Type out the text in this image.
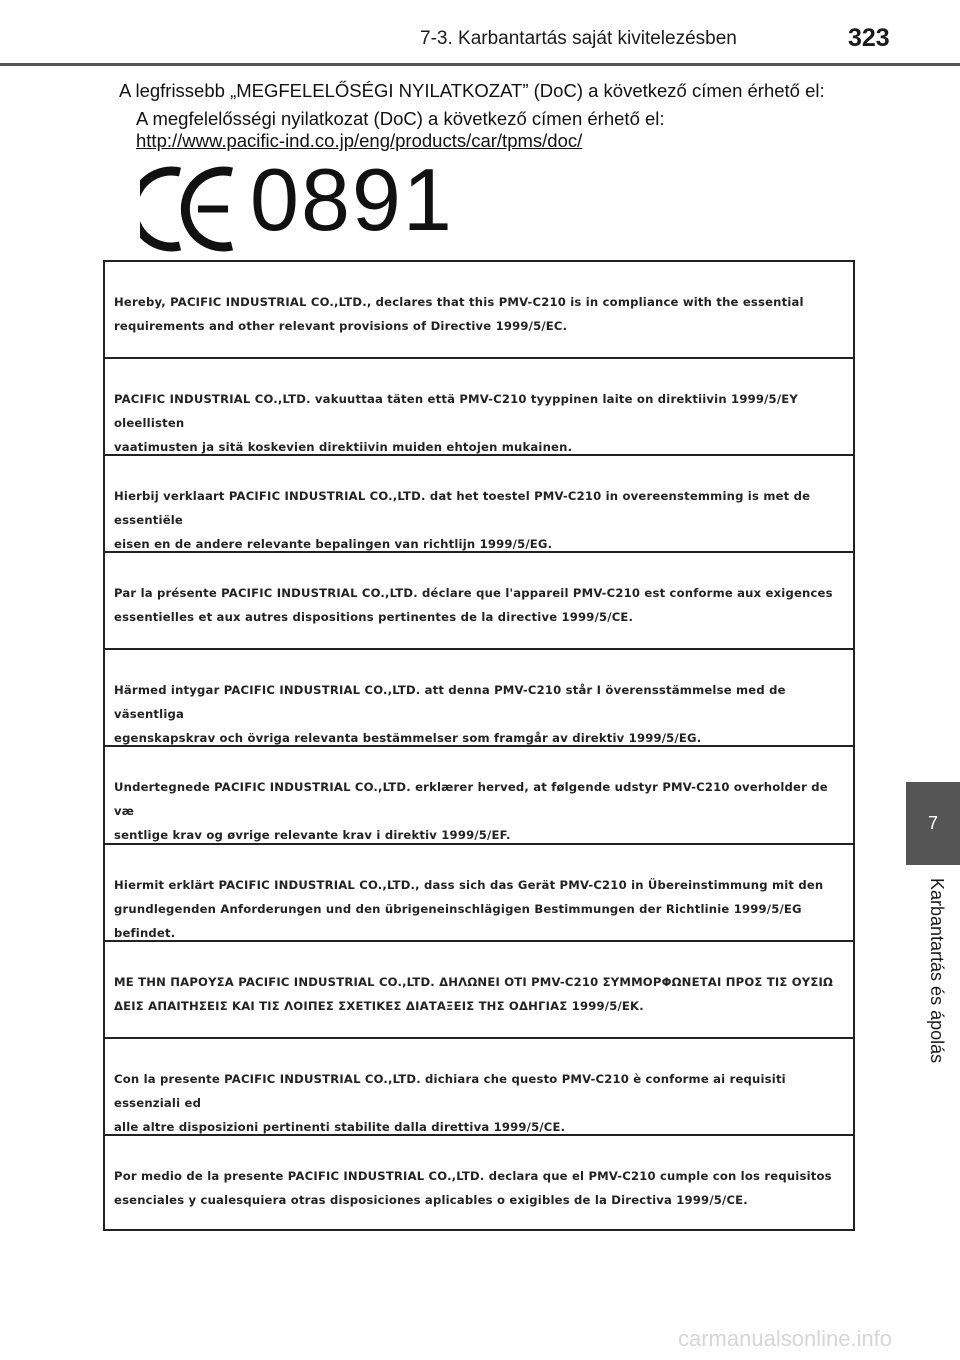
7-3. Karbantartás saját kivitelezésben	323
A legfrissebb „MEGFELELŐSÉGI NYILATKOZAT” (DoC) a következő címen érhető el:
A megfelelősségi nyilatkozat (DoC) a következő címen érhető el:
http://www.pacific-ind.co.jp/eng/products/car/tpms/doc/
0891
Hereby, PACIFIC INDUSTRIAL CO.,LTD., declares that this PMV-C210 is in compliance with the essential
requirements and other relevant provisions of Directive 1999/5/EC.
PACIFIC INDUSTRIAL CO.,LTD. vakuuttaa täten että PMV-C210 tyyppinen laite on direktiivin 1999/5/EY oleellisten
vaatimusten ja sitä koskevien direktiivin muiden ehtojen mukainen.
Hierbij verklaart PACIFIC INDUSTRIAL CO.,LTD. dat het toestel PMV-C210 in overeenstemming is met de essentiële
eisen en de andere relevante bepalingen van richtlijn 1999/5/EG.
Par la présente PACIFIC INDUSTRIAL CO.,LTD. déclare que l'appareil PMV-C210 est conforme aux exigences
essentielles et aux autres dispositions pertinentes de la directive 1999/5/CE.
Härmed intygar PACIFIC INDUSTRIAL CO.,LTD. att denna PMV-C210 står I överensstämmelse med de väsentliga
egenskapskrav och övriga relevanta bestämmelser som framgår av direktiv 1999/5/EG.
Undertegnede PACIFIC INDUSTRIAL CO.,LTD. erklærer herved, at følgende udstyr PMV-C210 overholder de væ
sentlige krav og øvrige relevante krav i direktiv 1999/5/EF.
Hiermit erklärt PACIFIC INDUSTRIAL CO.,LTD., dass sich das Gerät PMV-C210 in Übereinstimmung mit den
grundlegenden Anforderungen und den übrigeneinschlägigen Bestimmungen der Richtlinie 1999/5/EG befindet.
ΜΕ ΤΗΝ ΠΑΡΟΥΣΑ PACIFIC INDUSTRIAL CO.,LTD. ΔΗΛΩΝΕΙ ΟΤΙ PMV-C210 ΣΥΜΜΟΡΦΩΝΕΤΑΙ ΠΡΟΣ ΤΙΣ ΟΥΣΙΩ
ΔΕΙΣ ΑΠΑΙΤΗΣΕΙΣ ΚΑΙ ΤΙΣ ΛΟΙΠΕΣ ΣΧΕΤΙΚΕΣ ΔΙΑΤΑΞΕΙΣ ΤΗΣ ΟΔΗΓΙΑΣ 1999/5/ΕΚ.
Con la presente PACIFIC INDUSTRIAL CO.,LTD. dichiara che questo PMV-C210 è conforme ai requisiti essenziali ed
alle altre disposizioni pertinenti stabilite dalla direttiva 1999/5/CE.
Por medio de la presente PACIFIC INDUSTRIAL CO.,LTD. declara que el PMV-C210 cumple con los requisitos
esenciales y cualesquiera otras disposiciones aplicables o exigibles de la Directiva 1999/5/CE.
7
Karbantartás és ápolás
carmanualsonline.info
